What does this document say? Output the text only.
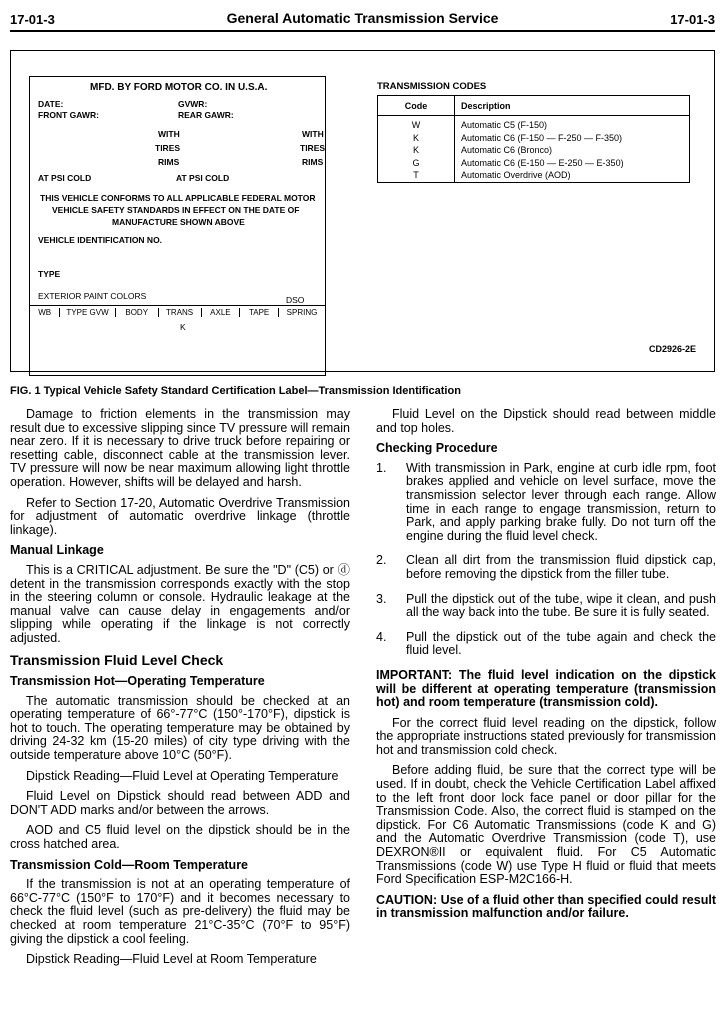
17-01-3	General Automatic Transmission Service	17-01-3
MFD. BY FORD MOTOR CO. IN U.S.A.
DATE:	GVWR:
FRONT GAWR:	REAR GAWR:
WITH
TIRES
RIMS
WITH
TIRES
RIMS
AT PSI COLD	AT PSI COLD
THIS VEHICLE CONFORMS TO ALL APPLICABLE FEDERAL MOTOR
VEHICLE SAFETY STANDARDS IN EFFECT ON THE DATE OF
MANUFACTURE SHOWN ABOVE
VEHICLE IDENTIFICATION NO.
TYPE
EXTERIOR PAINT COLORS	DSO
WB	TYPE GVW	BODY	TRANS	AXLE	TAPE	SPRING
K
TRANSMISSION CODES
Code	Description
W	Automatic C5 (F-150)
K	Automatic C6 (F-150 — F-250 — F-350)
K	Automatic C6 (Bronco)
G	Automatic C6 (E-150 — E-250 — E-350)
T	Automatic Overdrive (AOD)
CD2926-2E
FIG. 1 Typical Vehicle Safety Standard Certification Label—Transmission Identification

Damage to friction elements in the transmission may result due to excessive slipping since TV pressure will remain near zero. If it is necessary to drive truck before repairing or resetting cable, disconnect cable at the transmission lever. TV pressure will now be near maximum allowing light throttle operation. However, shifts will be delayed and harsh.

Refer to Section 17-20, Automatic Overdrive Transmission for adjustment of automatic overdrive linkage (throttle linkage).

Manual Linkage

This is a CRITICAL adjustment. Be sure the "D" (C5) or ⓓ detent in the transmission corresponds exactly with the stop in the steering column or console. Hydraulic leakage at the manual valve can cause delay in engagements and/or slipping while operating if the linkage is not correctly adjusted.

Transmission Fluid Level Check
Transmission Hot—Operating Temperature

The automatic transmission should be checked at an operating temperature of 66°-77°C (150°-170°F), dipstick is hot to touch. The operating temperature may be obtained by driving 24-32 km (15-20 miles) of city type driving with the outside temperature above 10°C (50°F).

Dipstick Reading—Fluid Level at Operating Temperature

Fluid Level on Dipstick should read between ADD and DON'T ADD marks and/or between the arrows.

AOD and C5 fluid level on the dipstick should be in the cross hatched area.

Transmission Cold—Room Temperature

If the transmission is not at an operating temperature of 66°C-77°C (150°F to 170°F) and it becomes necessary to check the fluid level (such as pre-delivery) the fluid may be checked at room temperature 21°C-35°C (70°F to 95°F) giving the dipstick a cool feeling.

Dipstick Reading—Fluid Level at Room Temperature

Fluid Level on the Dipstick should read between middle and top holes.

Checking Procedure
1.	With transmission in Park, engine at curb idle rpm, foot brakes applied and vehicle on level surface, move the transmission selector lever through each range. Allow time in each range to engage transmission, return to Park, and apply parking brake fully. Do not turn off the engine during the fluid level check.
2.	Clean all dirt from the transmission fluid dipstick cap, before removing the dipstick from the filler tube.
3.	Pull the dipstick out of the tube, wipe it clean, and push all the way back into the tube. Be sure it is fully seated.
4.	Pull the dipstick out of the tube again and check the fluid level.

IMPORTANT: The fluid level indication on the dipstick will be different at operating temperature (transmission hot) and room temperature (transmission cold).

For the correct fluid level reading on the dipstick, follow the appropriate instructions stated previously for transmission hot and transmission cold check.

Before adding fluid, be sure that the correct type will be used. If in doubt, check the Vehicle Certification Label affixed to the left front door lock face panel or door pillar for the Transmission Code. Also, the correct fluid is stamped on the dipstick. For C6 Automatic Transmissions (code K and G) and the Automatic Overdrive Transmission (code T), use DEXRON®II or equivalent fluid. For C5 Automatic Transmissions (code W) use Type H fluid or fluid that meets Ford Specification ESP-M2C166-H.

CAUTION: Use of a fluid other than specified could result in transmission malfunction and/or failure.
